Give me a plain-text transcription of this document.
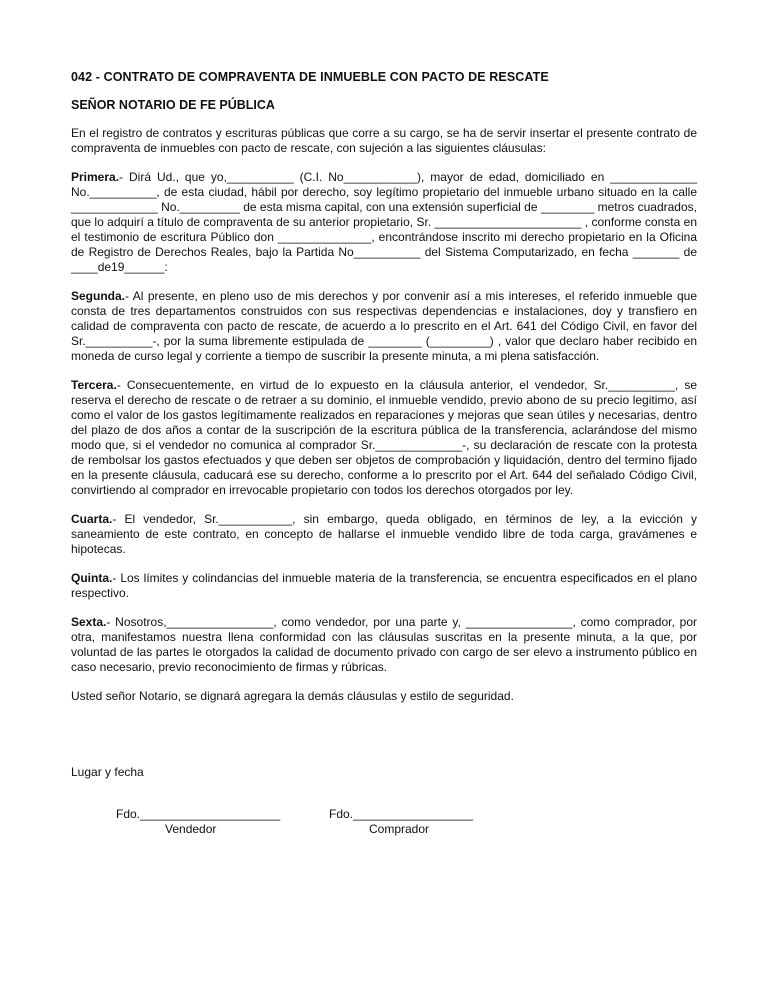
042 - CONTRATO DE COMPRAVENTA DE INMUEBLE CON PACTO DE RESCATE
SEÑOR NOTARIO DE FE PÚBLICA

En el registro de contratos y escrituras públicas que corre a su cargo, se ha de servir insertar el presente contrato de compraventa de inmuebles con pacto de rescate, con sujeción a las siguientes cláusulas:

Primera.- Dirá Ud., que yo,__________ (C.I. No___________), mayor de edad, domiciliado en _____________ No.__________, de esta ciudad, hábil por derecho, soy legítimo propietario del inmueble urbano situado en la calle _____________ No._________ de esta misma capital, con una extensión superficial de ________ metros cuadrados, que lo adquirí a título de compraventa de su anterior propietario, Sr. ______________________ , conforme consta en el testimonio de escritura Público don ______________, encontrándose inscrito mi derecho propietario en la Oficina de Registro de Derechos Reales, bajo la Partida No__________ del Sistema Computarizado, en fecha _______ de ____de19______:

Segunda.- Al presente, en pleno uso de mis derechos y por convenir así a mis intereses, el referido inmueble que consta de tres departamentos construidos con sus respectivas dependencias e instalaciones, doy y transfiero en calidad de compraventa con pacto de rescate, de acuerdo a lo prescrito en el Art. 641 del Código Civil, en favor del Sr.__________-, por la suma libremente estipulada de ________ (_________) , valor que declaro haber recibido en moneda de curso legal y corriente a tiempo de suscribir la presente minuta, a mi plena satisfacción.

Tercera.- Consecuentemente, en virtud de lo expuesto en la cláusula anterior, el vendedor, Sr.__________, se reserva el derecho de rescate o de retraer a su dominio, el inmueble vendido, previo abono de su precio legitimo, así como el valor de los gastos legítimamente realizados en reparaciones y mejoras que sean útiles y necesarias, dentro del plazo de dos años a contar de la suscripción de la escritura pública de la transferencia, aclarándose del mismo modo que, si el vendedor no comunica al comprador Sr._____________-, su declaración de rescate con la protesta de rembolsar los gastos efectuados y que deben ser objetos de comprobación y liquidación, dentro del termino fijado en la presente cláusula, caducará ese su derecho, conforme a lo prescrito por el Art. 644 del señalado Código Civil, convirtiendo al comprador en irrevocable propietario con todos los derechos otorgados por ley.

Cuarta.- El vendedor, Sr.___________, sin embargo, queda obligado, en términos de ley, a la evicción y saneamiento de este contrato, en concepto de hallarse el inmueble vendido libre de toda carga, gravámenes e hipotecas.

Quinta.- Los límites y colindancias del inmueble materia de la transferencia, se encuentra especificados en el plano respectivo.

Sexta.- Nosotros,________________, como vendedor, por una parte y, ________________, como comprador, por otra, manifestamos nuestra llena conformidad con las cláusulas suscritas en la presente minuta, a la que, por voluntad de las partes le otorgados la calidad de documento privado con cargo de ser elevo a instrumento público en caso necesario, previo reconocimiento de firmas y rúbricas.

Usted señor Notario, se dignará agregara la demás cláusulas y estilo de seguridad.

Lugar y fecha
Fdo._____________________
Vendedor
Fdo.__________________
Comprador
